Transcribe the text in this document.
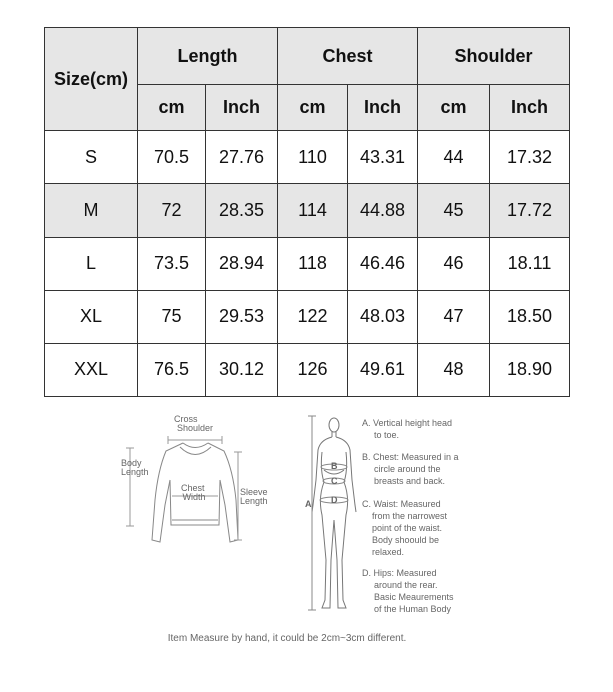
Size(cm)	Length		Chest		Shoulder	
	cm	Inch	cm	Inch	cm	Inch
S	70.5	27.76	110	43.31	44	17.32
M	72	28.35	114	44.88	45	17.72
L	73.5	28.94	118	46.46	46	18.11
XL	75	29.53	122	48.03	47	18.50
XXL	76.5	30.12	126	49.61	48	18.90
Cross Shoulder
Body Length
Chest Width	Sleeve Length	A
B
C
D
A. Vertical height head to toe.
B. Chest: Measured in a circle around the breasts and back.
C. Waist: Measured from the narrowest point of the waist. Body shoould be relaxed.
D. Hips: Measured around the rear. Basic Meaurements of the Human Body
Item Measure by hand, it could be 2cm~3cm different.
